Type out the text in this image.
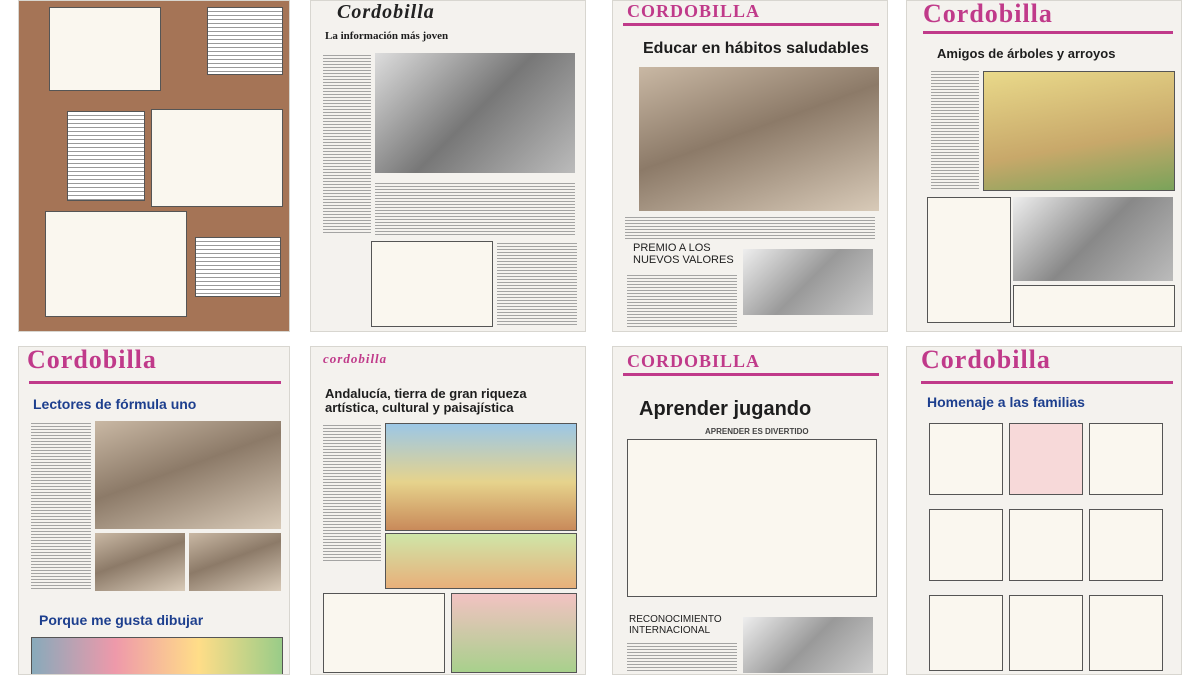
Cordobilla
La información más joven
CORDOBILLA
Educar en hábitos saludables
PREMIO A LOS NUEVOS VALORES
Cordobilla
Amigos de árboles y arroyos
Cordobilla
Lectores de fórmula uno
Porque me gusta dibujar
cordobilla
Andalucía, tierra de gran riqueza artística, cultural y paisajística
CORDOBILLA
Aprender jugando
APRENDER ES DIVERTIDO
RECONOCIMIENTO INTERNACIONAL
Cordobilla
Homenaje a las familias
